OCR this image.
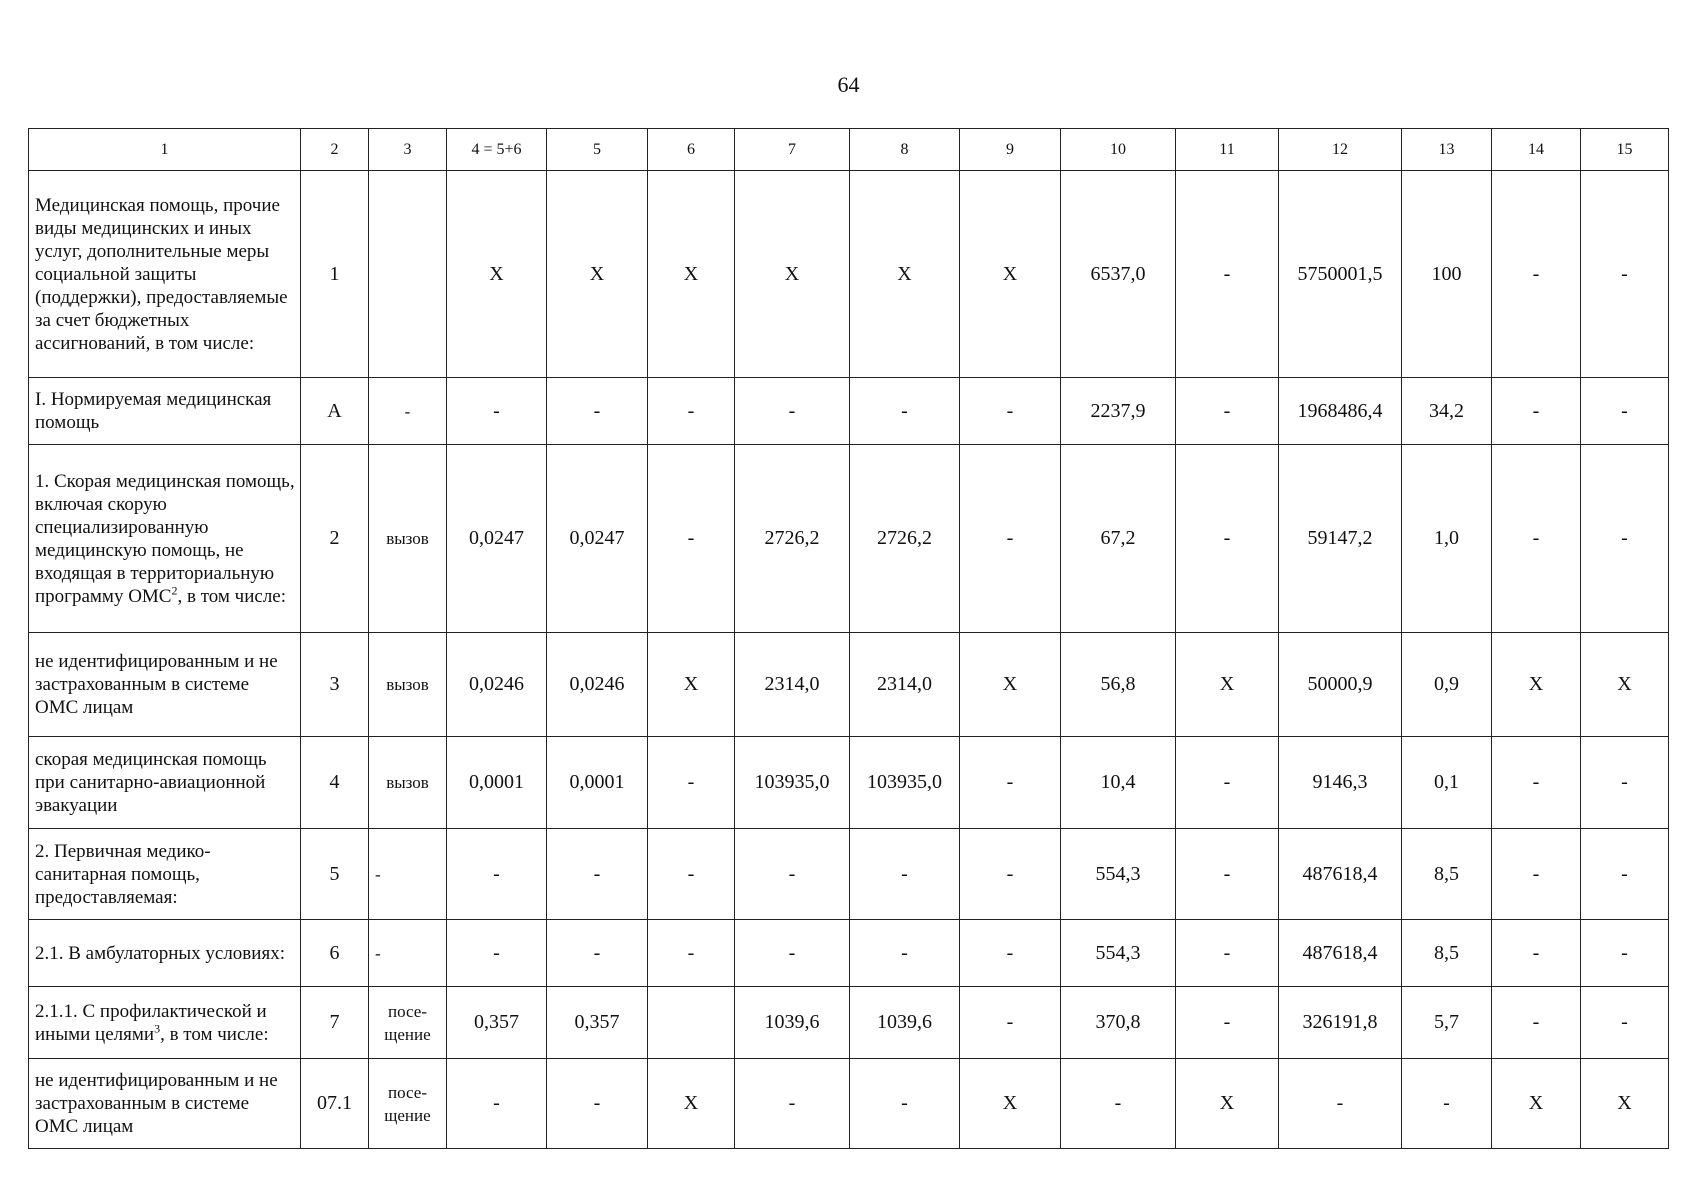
64
1	2	3	4 = 5+6	5	6	7	8	9	10	11	12	13	14	15
Медицинская помощь, прочие виды медицинских и иных услуг, дополнительные меры социальной защиты (поддержки), предоставляемые за счет бюджетных ассигнований, в том числе:	1		X	X	X	X	X	X	6537,0	-	5750001,5	100	-	-
I. Нормируемая медицинская помощь	А	-	-	-	-	-	-	-	2237,9	-	1968486,4	34,2	-	-
1. Скорая медицинская помощь, включая скорую специализированную медицинскую помощь, не входящая в территориальную программу ОМС$^2$, в том числе:	2	вызов	0,0247	0,0247	-	2726,2	2726,2	-	67,2	-	59147,2	1,0	-	-
не идентифицированным и не застрахованным в системе ОМС лицам	3	вызов	0,0246	0,0246	X	2314,0	2314,0	X	56,8	X	50000,9	0,9	X	X
скорая медицинская помощь при санитарно-авиационной эвакуации	4	вызов	0,0001	0,0001	-	103935,0	103935,0	-	10,4	-	9146,3	0,1	-	-
2. Первичная медико-санитарная помощь, предоставляемая:	5	-	-	-	-	-	-	-	554,3	-	487618,4	8,5	-	-
2.1. В амбулаторных условиях:	6	-	-	-	-	-	-	-	554,3	-	487618,4	8,5	-	-
2.1.1. С профилактической и иными целями$^3$, в том числе:	7	посе-щение	0,357	0,357		1039,6	1039,6	-	370,8	-	326191,8	5,7	-	-
не идентифицированным и не застрахованным в системе ОМС лицам	07.1	посе-щение	-	-	X	-	-	X	-	X	-	-	X	X
